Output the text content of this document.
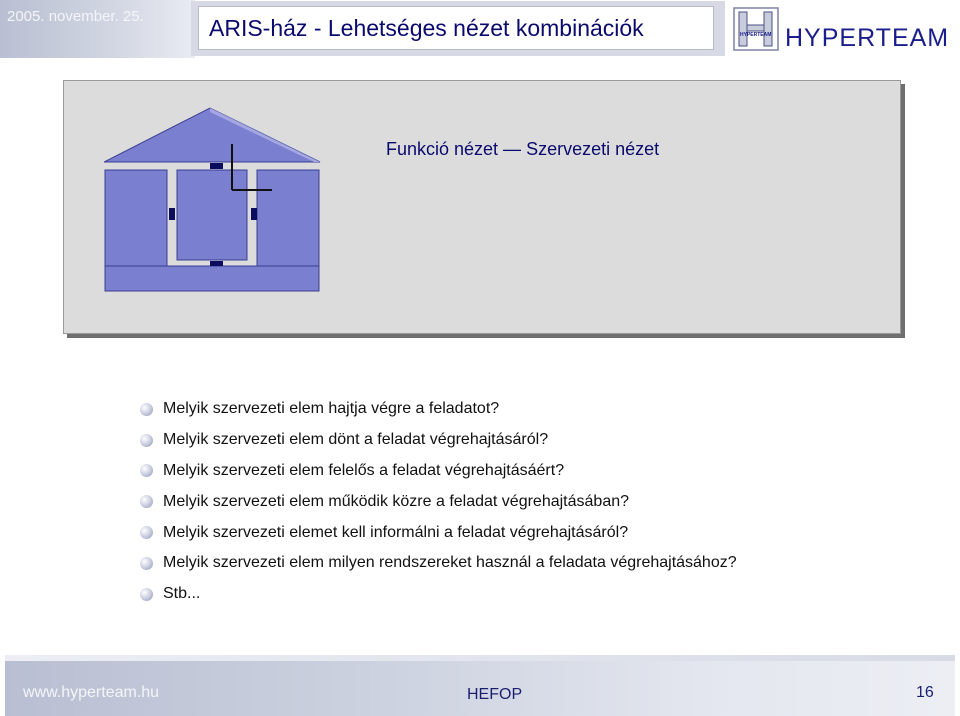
2005. november. 25.	ARIS-ház - Lehetséges nézet kombinációk	HYPERTEAM HYPERTEAM
Funkció nézet — Szervezeti nézet
Melyik szervezeti elem hajtja végre a feladatot?
Melyik szervezeti elem dönt a feladat végrehajtásáról?
Melyik szervezeti elem felelős a feladat végrehajtásáért?
Melyik szervezeti elem működik közre a feladat végrehajtásában?
Melyik szervezeti elemet kell informálni a feladat végrehajtásáról?
Melyik szervezeti elem milyen rendszereket használ a feladata végrehajtásához?
Stb...
www.hyperteam.hu	HEFOP	16
